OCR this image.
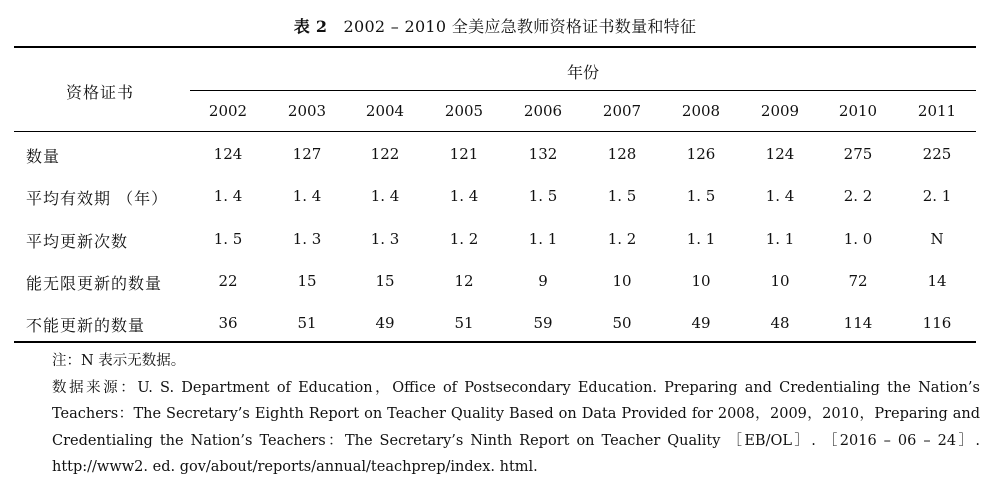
表 2 2002 – 2010 全美应急教师资格证书数量和特征
资格证书
年份
2002	2003	2004	2005	2006	2007	2008	2009	2010	2011
数量	124	127	122	121	132	128	126	124	275	225
平均有效期 （年）	1. 4	1. 4	1. 4	1. 4	1. 5	1. 5	1. 5	1. 4	2. 2	2. 1
平均更新次数	1. 5	1. 3	1. 3	1. 2	1. 1	1. 2	1. 1	1. 1	1. 0	N
能无限更新的数量	22	15	15	12	9	10	10	10	72	14
不能更新的数量	36	51	49	51	59	50	49	48	114	116

注：N 表示无数据。

数据来源：U. S. Department of Education，Office of Postsecondary Education. Preparing and Credentialing the Nation’s Teachers：The Secretary’s Eighth Report on Teacher Quality Based on Data Provided for 2008，2009，2010，Preparing and Credentialing the Nation’s Teachers：The Secretary’s Ninth Report on Teacher Quality ［EB/OL］. ［2016 – 06 – 24］. http://www2. ed. gov/about/reports/annual/teachprep/index. html.
